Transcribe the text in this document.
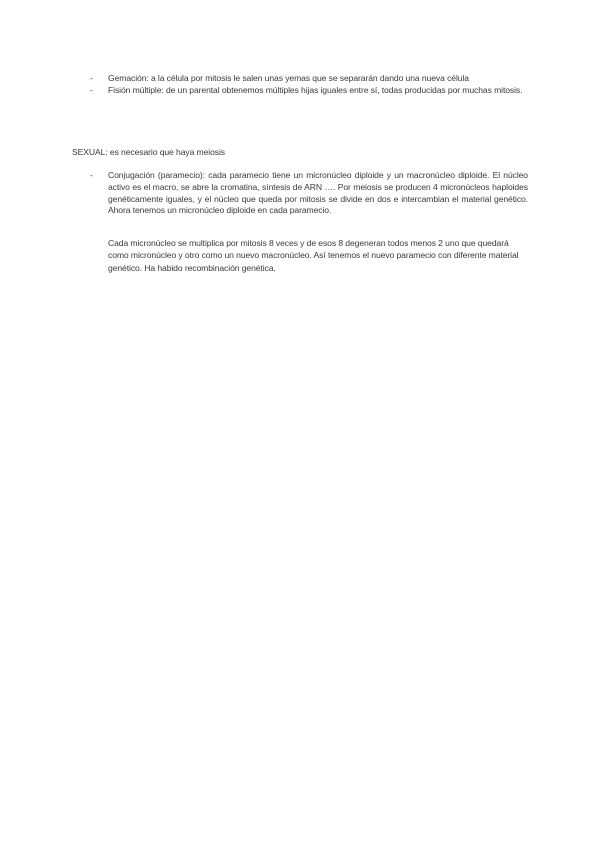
-	Gemación: a la célula por mitosis le salen unas yemas que se separarán dando una nueva célula
-	Fisión múltiple: de un parental obtenemos múltiples hijas iguales entre sí, todas producidas por muchas mitosis.
SEXUAL: es necesario que haya meiosis
-	Conjugación (paramecio): cada paramecio tiene un micronúcleo diploide y un macronúcleo diploide. El núcleo activo es el macro, se abre la cromatina, síntesis de ARN …. Por meiosis se producen 4 micronúcleos haploides genéticamente iguales, y el núcleo que queda por mitosis se divide en dos e intercambian el material genético. Ahora tenemos un micronúcleo diploide en cada paramecio.

Cada micronúcleo se multiplica por mitosis 8 veces y de esos 8 degeneran todos menos 2 uno que quedará como micronúcleo y otro como un nuevo macronúcleo. Así tenemos el nuevo paramecio con diferente material genético. Ha habido recombinación genética.
